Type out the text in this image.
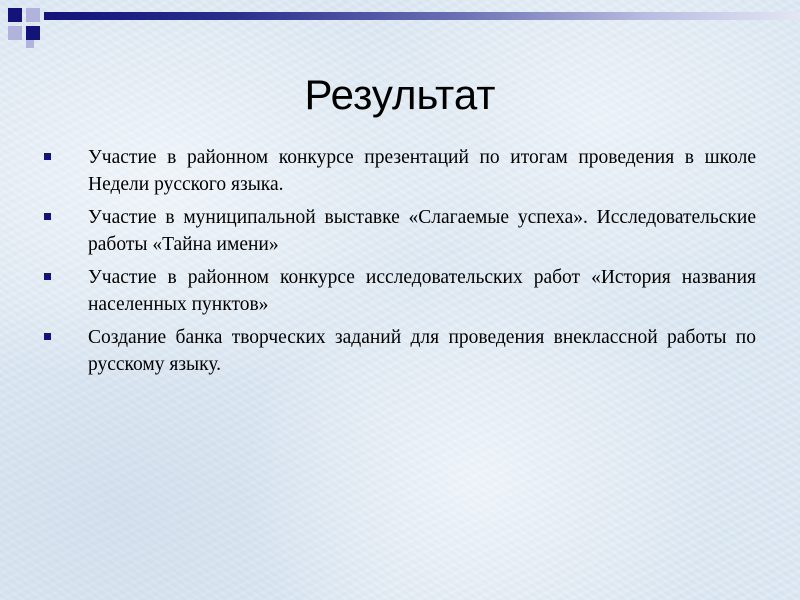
Результат
Участие в районном конкурсе презентаций по итогам проведения в школе Недели русского языка.
Участие в муниципальной выставке «Слагаемые успеха». Исследовательские работы «Тайна имени»
Участие в районном конкурсе исследовательских работ «История названия населенных пунктов»
Создание банка творческих заданий для проведения внеклассной работы по русскому языку.
